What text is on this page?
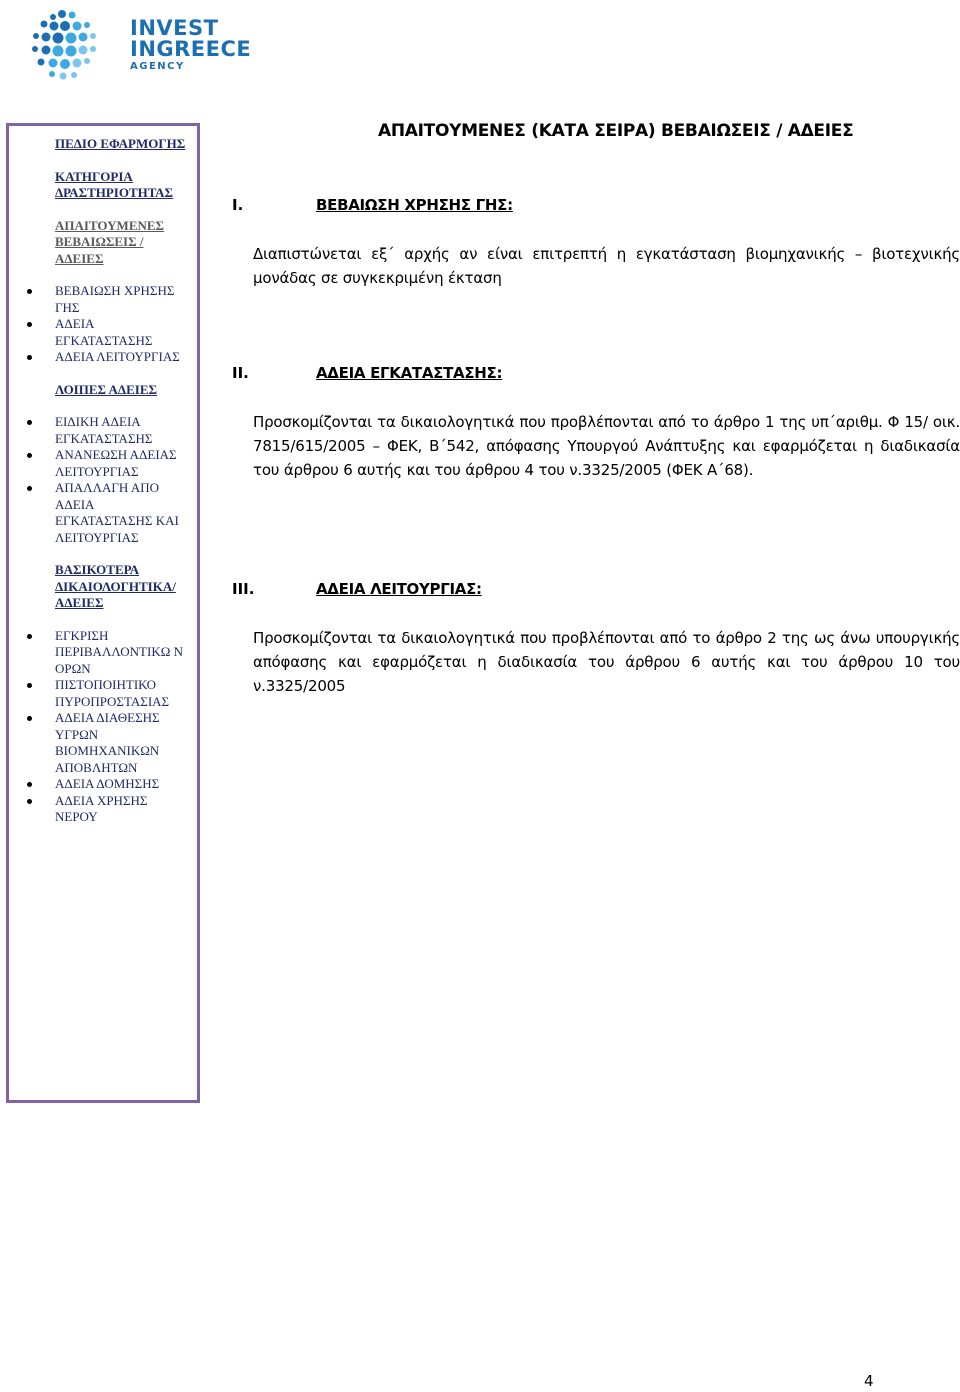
INVEST
INGREECE
AGENCY
ΠΕΔΙΟ ΕΦΑΡΜΟΓΗΣ
ΚΑΤΗΓΟΡΙΑ ΔΡΑΣΤΗΡΙΟΤΗΤΑΣ
ΑΠΑΙΤΟΥΜΕΝΕΣ ΒΕΒΑΙΩΣΕΙΣ /ΑΔΕΙΕΣ
ΒΕΒΑΙΩΣΗ ΧΡΗΣΗΣ ΓΗΣ
ΑΔΕΙΑ ΕΓΚΑΤΑΣΤΑΣΗΣ
ΑΔΕΙΑ ΛΕΙΤΟΥΡΓΙΑΣ
ΛΟΙΠΕΣ ΑΔΕΙΕΣ
ΕΙΔΙΚΗ ΑΔΕΙΑ ΕΓΚΑΤΑΣΤΑΣΗΣ
ΑΝΑΝΕΩΣΗ ΑΔΕΙΑΣ ΛΕΙΤΟΥΡΓΙΑΣ
ΑΠΑΛΛΑΓΗ ΑΠΟ ΑΔΕΙΑ ΕΓΚΑΤΑΣΤΑΣΗΣ ΚΑΙ ΛΕΙΤΟΥΡΓΙΑΣ
ΒΑΣΙΚΟΤΕΡΑ ΔΙΚΑΙΟΛΟΓΗΤΙΚΑ/ ΑΔΕΙΕΣ
ΕΓΚΡΙΣΗ ΠΕΡΙΒΑΛΛΟΝΤΙΚΩ Ν ΟΡΩΝ
ΠΙΣΤΟΠΟΙΗΤΙΚΟ ΠΥΡΟΠΡΟΣΤΑΣΙΑΣ
ΑΔΕΙΑ ΔΙΑΘΕΣΗΣ ΥΓΡΩΝ ΒΙΟΜΗΧΑΝΙΚΩΝ ΑΠΟΒΛΗΤΩΝ
ΑΔΕΙΑ ΔΟΜΗΣΗΣ
ΑΔΕΙΑ ΧΡΗΣΗΣ ΝΕΡΟΥ
ΑΠΑΙΤΟΥΜΕΝΕΣ (ΚΑΤΑ ΣΕΙΡΑ) ΒΕΒΑΙΩΣΕΙΣ / ΑΔΕΙΕΣ
I.	ΒΕΒΑΙΩΣΗ ΧΡΗΣΗΣ ΓΗΣ:
Διαπιστώνεται εξ΄ αρχής αν είναι επιτρεπτή η εγκατάσταση βιομηχανικής – βιοτεχνικής μονάδας σε συγκεκριμένη έκταση
II.	ΑΔΕΙΑ ΕΓΚΑΤΑΣΤΑΣΗΣ:
Προσκομίζονται τα δικαιολογητικά που προβλέπονται από το άρθρο 1 της υπ΄αριθμ. Φ 15/ οικ. 7815/615/2005 – ΦΕΚ, Β΄542, απόφασης Υπουργού Ανάπτυξης και εφαρμόζεται η διαδικασία του άρθρου 6 αυτής και του άρθρου 4 του ν.3325/2005 (ΦΕΚ Α΄68).
III.	ΑΔΕΙΑ ΛΕΙΤΟΥΡΓΙΑΣ:
Προσκομίζονται τα δικαιολογητικά που προβλέπονται από το άρθρο 2 της ως άνω υπουργικής απόφασης και εφαρμόζεται η διαδικασία του άρθρου 6 αυτής και του άρθρου 10 του ν.3325/2005
4
